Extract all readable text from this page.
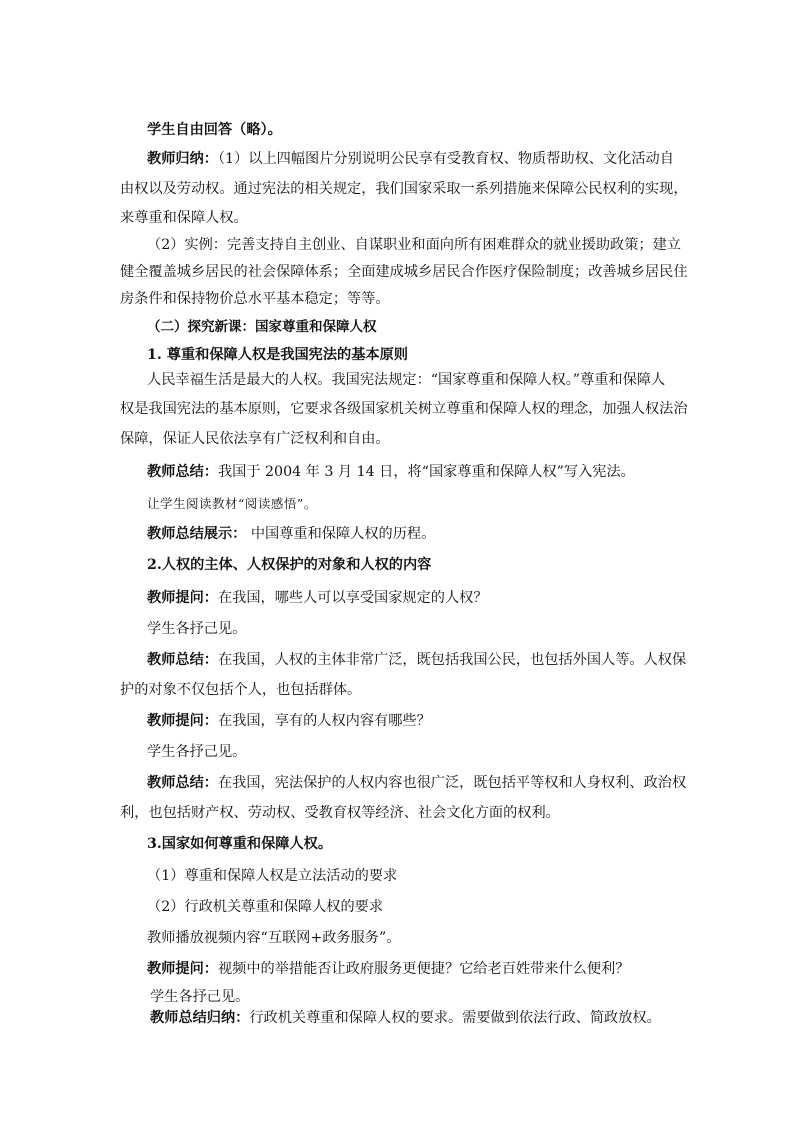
学生自由回答（略）。
教师归纳：（1）以上四幅图片分别说明公民享有受教育权、物质帮助权、文化活动自
由权以及劳动权。通过宪法的相关规定，我们国家采取一系列措施来保障公民权利的实现，
来尊重和保障人权。
（2）实例：完善支持自主创业、自谋职业和面向所有困难群众的就业援助政策；建立
健全覆盖城乡居民的社会保障体系；全面建成城乡居民合作医疗保险制度；改善城乡居民住
房条件和保持物价总水平基本稳定；等等。
（二）探究新课：国家尊重和保障人权
1. 尊重和保障人权是我国宪法的基本原则
人民幸福生活是最大的人权。我国宪法规定：“国家尊重和保障人权。”尊重和保障人
权是我国宪法的基本原则，它要求各级国家机关树立尊重和保障人权的理念，加强人权法治
保障，保证人民依法享有广泛权利和自由。
教师总结：我国于 2004 年 3 月 14 日，将“国家尊重和保障人权”写入宪法。
让学生阅读教材“阅读感悟”。
教师总结展示： 中国尊重和保障人权的历程。
2.人权的主体、人权保护的对象和人权的内容
教师提问：在我国，哪些人可以享受国家规定的人权？
学生各抒己见。
教师总结：在我国，人权的主体非常广泛，既包括我国公民，也包括外国人等。人权保
护的对象不仅包括个人，也包括群体。
教师提问：在我国，享有的人权内容有哪些？
学生各抒己见。
教师总结：在我国，宪法保护的人权内容也很广泛，既包括平等权和人身权利、政治权
利，也包括财产权、劳动权、受教育权等经济、社会文化方面的权利。
3.国家如何尊重和保障人权。
（1）尊重和保障人权是立法活动的要求
（2）行政机关尊重和保障人权的要求
教师播放视频内容“互联网+政务服务”。
教师提问：视频中的举措能否让政府服务更便捷？它给老百姓带来什么便利？
学生各抒己见。
教师总结归纳：行政机关尊重和保障人权的要求。需要做到依法行政、简政放权。
